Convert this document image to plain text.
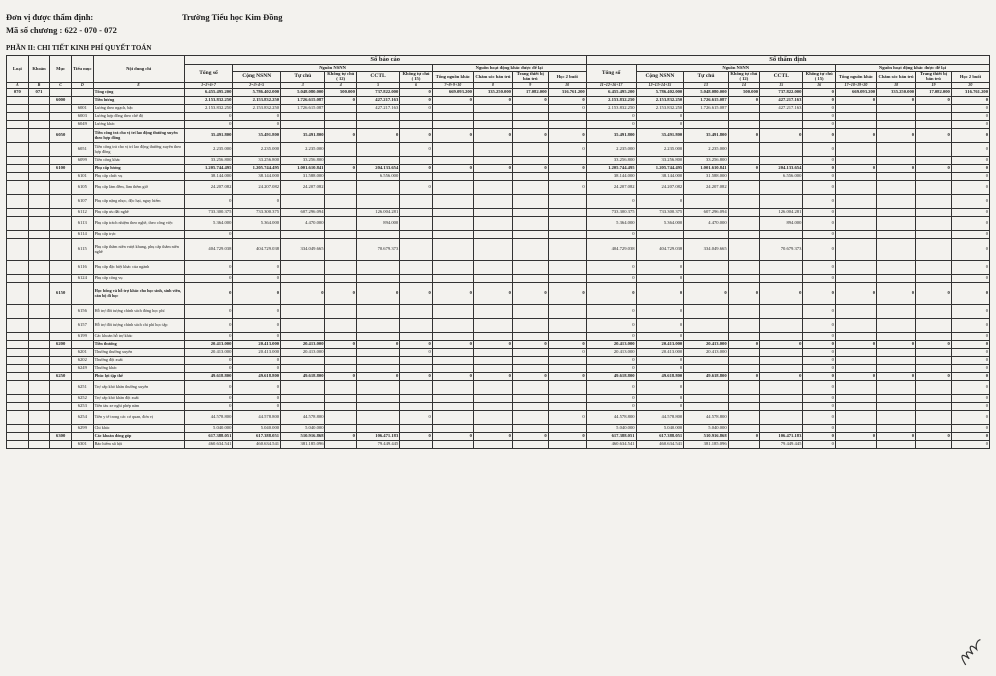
Đơn vị được thẩm định:	Trường Tiểu học Kim Đồng
Mã số chương : 622 - 070 - 072
PHẦN II: CHI TIẾT KINH PHÍ QUYẾT TOÁN
Loại	Khoản	Mục	Tiểu mục	Nội dung chi	Số báo cáo										Số thẩm định									
					Tổng số	Nguồn NSNN					Nguồn hoạt động khác được để lại				Tổng số	Nguồn NSNN					Nguồn hoạt động khác được để lại			
						Cộng NSNN	Tự chủ	Không tự chủ ( 12)	CCTL	Không tự chủ ( 15)	Tổng nguồn khác	Chăm sóc bán trú	Trang thiết bị bán trú	Học 2 buổi		Cộng NSNN	Tự chủ	Không tự chủ ( 12)	CCTL	Không tự chủ ( 15)	Tổng nguồn khác	Chăm sóc bán trú	Trang thiết bị bán trú	Học 2 buổi
A	B	C	D	E	1=2+6+7	2=3+4+5	3	4	5	6	7=8+9+10	8	9	10	11=12+16+17	12=13+14+15	13	14	15	16	17=18+19+20	18	19	20
070	071			Tổng cộng	6.455.495.200	5.786.402.000	5.048.080.000	500.000	737.822.000	0	669.093.200	335.250.000	17.082.000	316.761.200	6.455.495.200	5.786.402.000	5.048.080.000	500.000	737.822.000	0	669.093.200	335.250.000	17.082.000	316.761.200
		6000		Tiền lương	2.153.832.250	2.153.832.250	1.726.615.087	0	427.217.163	0	0	0	0	0	2.153.832.250	2.153.832.250	1.726.615.087	0	427.217.163	0	0	0	0	0
			6001	Lương theo ngạch, bậc	2.153.832.250	2.153.832.250	1.726.615.087		427.217.163	0				0	2.153.832.250	2.153.832.250	1.726.615.087		427.217.163	0				0
			6003	Lương hợp đồng theo chế độ	0	0									0	0				0				0
			6049	Lương khác	0	0									0	0				0				0
		6050		Tiền công trả cho vị trí lao động thường xuyên theo hợp đồng	35.491.800	35.491.800	35.491.800	0	0	0	0	0	0	0	35.491.800	35.491.800	35.491.800	0	0	0	0	0	0	0
			6051	Tiền công trả cho vị trí lao động thường xuyên theo hợp đồng	2.235.000	2.235.000	2.235.000			0				0	2.235.000	2.235.000	2.235.000			0				0
			6099	Tiền công khác	33.256.800	33.256.800	33.256.800								33.256.800	33.256.800	33.256.800			0				0
		6100		Phụ cấp lương	1.205.744.495	1.205.744.495	1.001.610.841	0	204.133.654	0	0	0	0	0	1.205.744.495	1.205.744.495	1.001.610.841	0	204.133.654	0	0	0	0	0
			6101	Phụ cấp chức vụ	38.144.000	38.144.000	31.588.000		6.556.000						38.144.000	38.144.000	31.588.000		6.556.000	0				0
			6105	Phụ cấp làm đêm, làm thêm giờ	24.207.082	24.207.082	24.207.082			0				0	24.207.082	24.207.082	24.207.082			0				0
			6107	Phụ cấp nặng nhọc, độc hại, nguy hiểm	0	0									0	0				0				0
			6112	Phụ cấp ưu đãi nghề	733.300.375	733.300.375	607.296.094		126.004.281						733.300.375	733.300.375	607.296.094		126.004.281	0				0
			6113	Phụ cấp trách nhiệm theo nghề, theo công việc	5.364.000	5.364.000	4.470.000		894.000						5.364.000	5.364.000	4.470.000		894.000	0				0
			6114	Phụ cấp trực	0										0					0				0
			6115	Phụ cấp thâm niên vượt khung, phụ cấp thâm niên nghề	404.729.038	404.729.038	334.049.665		70.679.373						404.729.038	404.729.038	334.049.665		70.679.373	0				0
			6116	Phụ cấp đặc biệt khác của ngành	0	0									0	0				0				0
			6124	Phụ cấp công vụ	0	0									0	0				0				0
		6150		Học bổng và hỗ trợ khác cho học sinh, sinh viên, cán bộ đi học	0	0	0	0	0	0	0	0	0	0	0	0	0	0	0	0	0	0	0	0
			6156	Hỗ trợ đối tượng chính sách đóng học phí	0	0									0	0				0				0
			6157	Hỗ trợ đối tượng chính sách chi phí học tập	0	0									0	0				0				0
			6199	Các khoản hỗ trợ khác	0	0									0	0				0				0
		6200		Tiền thưởng	20.413.000	20.413.000	20.413.000	0	0	0	0	0	0	0	20.413.000	20.413.000	20.413.000	0	0	0	0	0	0	0
			6201	Thưởng thường xuyên	20.413.000	20.413.000	20.413.000			0				0	20.413.000	20.413.000	20.413.000			0				0
			6202	Thưởng đột xuất	0	0									0	0				0				0
			6249	Thưởng khác	0	0									0	0				0				0
		6250		Phúc lợi tập thể	49.618.800	49.618.800	49.618.800	0	0	0	0	0	0	0	49.618.800	49.618.800	49.618.800	0	0	0	0	0	0	0
			6251	Trợ cấp khó khăn thường xuyên	0	0									0	0				0				0
			6252	Trợ cấp khó khăn đột xuất	0	0									0	0				0				0
			6253	Tiền tàu xe nghỉ phép năm	0	0									0	0				0				0
			6254	Tiền y tế trong các cơ quan, đơn vị	44.578.800	44.578.800	44.578.800			0				0	44.578.800	44.578.800	44.578.800			0				0
			6299	Chi khác	5.040.000	5.040.000	5.040.000								5.040.000	5.040.000	5.040.000			0				0
		6300		Các khoản đóng góp	617.388.051	617.388.051	510.916.868	0	106.471.183	0	0	0	0	0	617.388.051	617.388.051	510.916.868	0	106.471.183	0	0	0	0	0
			6301	Bảo hiểm xã hội	460.634.541	460.634.541	381.185.096		79.449.445						460.634.541	460.634.541	381.185.096		79.449.445	0				0
